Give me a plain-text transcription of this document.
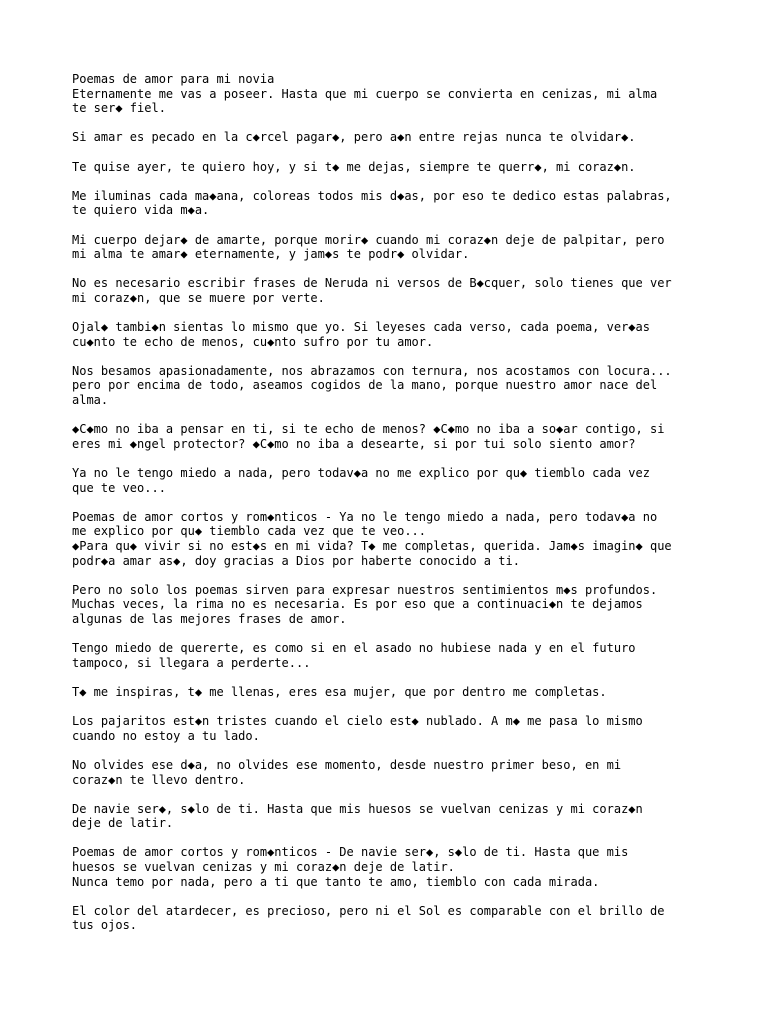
Poemas de amor para mi novia
Eternamente me vas a poseer. Hasta que mi cuerpo se convierta en cenizas, mi alma
te ser◆ fiel.

Si amar es pecado en la c◆rcel pagar◆, pero a◆n entre rejas nunca te olvidar◆.

Te quise ayer, te quiero hoy, y si t◆ me dejas, siempre te querr◆, mi coraz◆n.

Me iluminas cada ma◆ana, coloreas todos mis d◆as, por eso te dedico estas palabras,
te quiero vida m◆a.

Mi cuerpo dejar◆ de amarte, porque morir◆ cuando mi coraz◆n deje de palpitar, pero
mi alma te amar◆ eternamente, y jam◆s te podr◆ olvidar.

No es necesario escribir frases de Neruda ni versos de B◆cquer, solo tienes que ver
mi coraz◆n, que se muere por verte.

Ojal◆ tambi◆n sientas lo mismo que yo. Si leyeses cada verso, cada poema, ver◆as
cu◆nto te echo de menos, cu◆nto sufro por tu amor.

Nos besamos apasionadamente, nos abrazamos con ternura, nos acostamos con locura...
pero por encima de todo, aseamos cogidos de la mano, porque nuestro amor nace del
alma.

◆C◆mo no iba a pensar en ti, si te echo de menos? ◆C◆mo no iba a so◆ar contigo, si
eres mi ◆ngel protector? ◆C◆mo no iba a desearte, si por tui solo siento amor?

Ya no le tengo miedo a nada, pero todav◆a no me explico por qu◆ tiemblo cada vez
que te veo...

Poemas de amor cortos y rom◆nticos - Ya no le tengo miedo a nada, pero todav◆a no
me explico por qu◆ tiemblo cada vez que te veo...
◆Para qu◆ vivir si no est◆s en mi vida? T◆ me completas, querida. Jam◆s imagin◆ que
podr◆a amar as◆, doy gracias a Dios por haberte conocido a ti.

Pero no solo los poemas sirven para expresar nuestros sentimientos m◆s profundos.
Muchas veces, la rima no es necesaria. Es por eso que a continuaci◆n te dejamos
algunas de las mejores frases de amor.

Tengo miedo de quererte, es como si en el asado no hubiese nada y en el futuro
tampoco, si llegara a perderte...

T◆ me inspiras, t◆ me llenas, eres esa mujer, que por dentro me completas.

Los pajaritos est◆n tristes cuando el cielo est◆ nublado. A m◆ me pasa lo mismo
cuando no estoy a tu lado.

No olvides ese d◆a, no olvides ese momento, desde nuestro primer beso, en mi
coraz◆n te llevo dentro.

De navie ser◆, s◆lo de ti. Hasta que mis huesos se vuelvan cenizas y mi coraz◆n
deje de latir.

Poemas de amor cortos y rom◆nticos - De navie ser◆, s◆lo de ti. Hasta que mis
huesos se vuelvan cenizas y mi coraz◆n deje de latir.
Nunca temo por nada, pero a ti que tanto te amo, tiemblo con cada mirada.

El color del atardecer, es precioso, pero ni el Sol es comparable con el brillo de
tus ojos.
